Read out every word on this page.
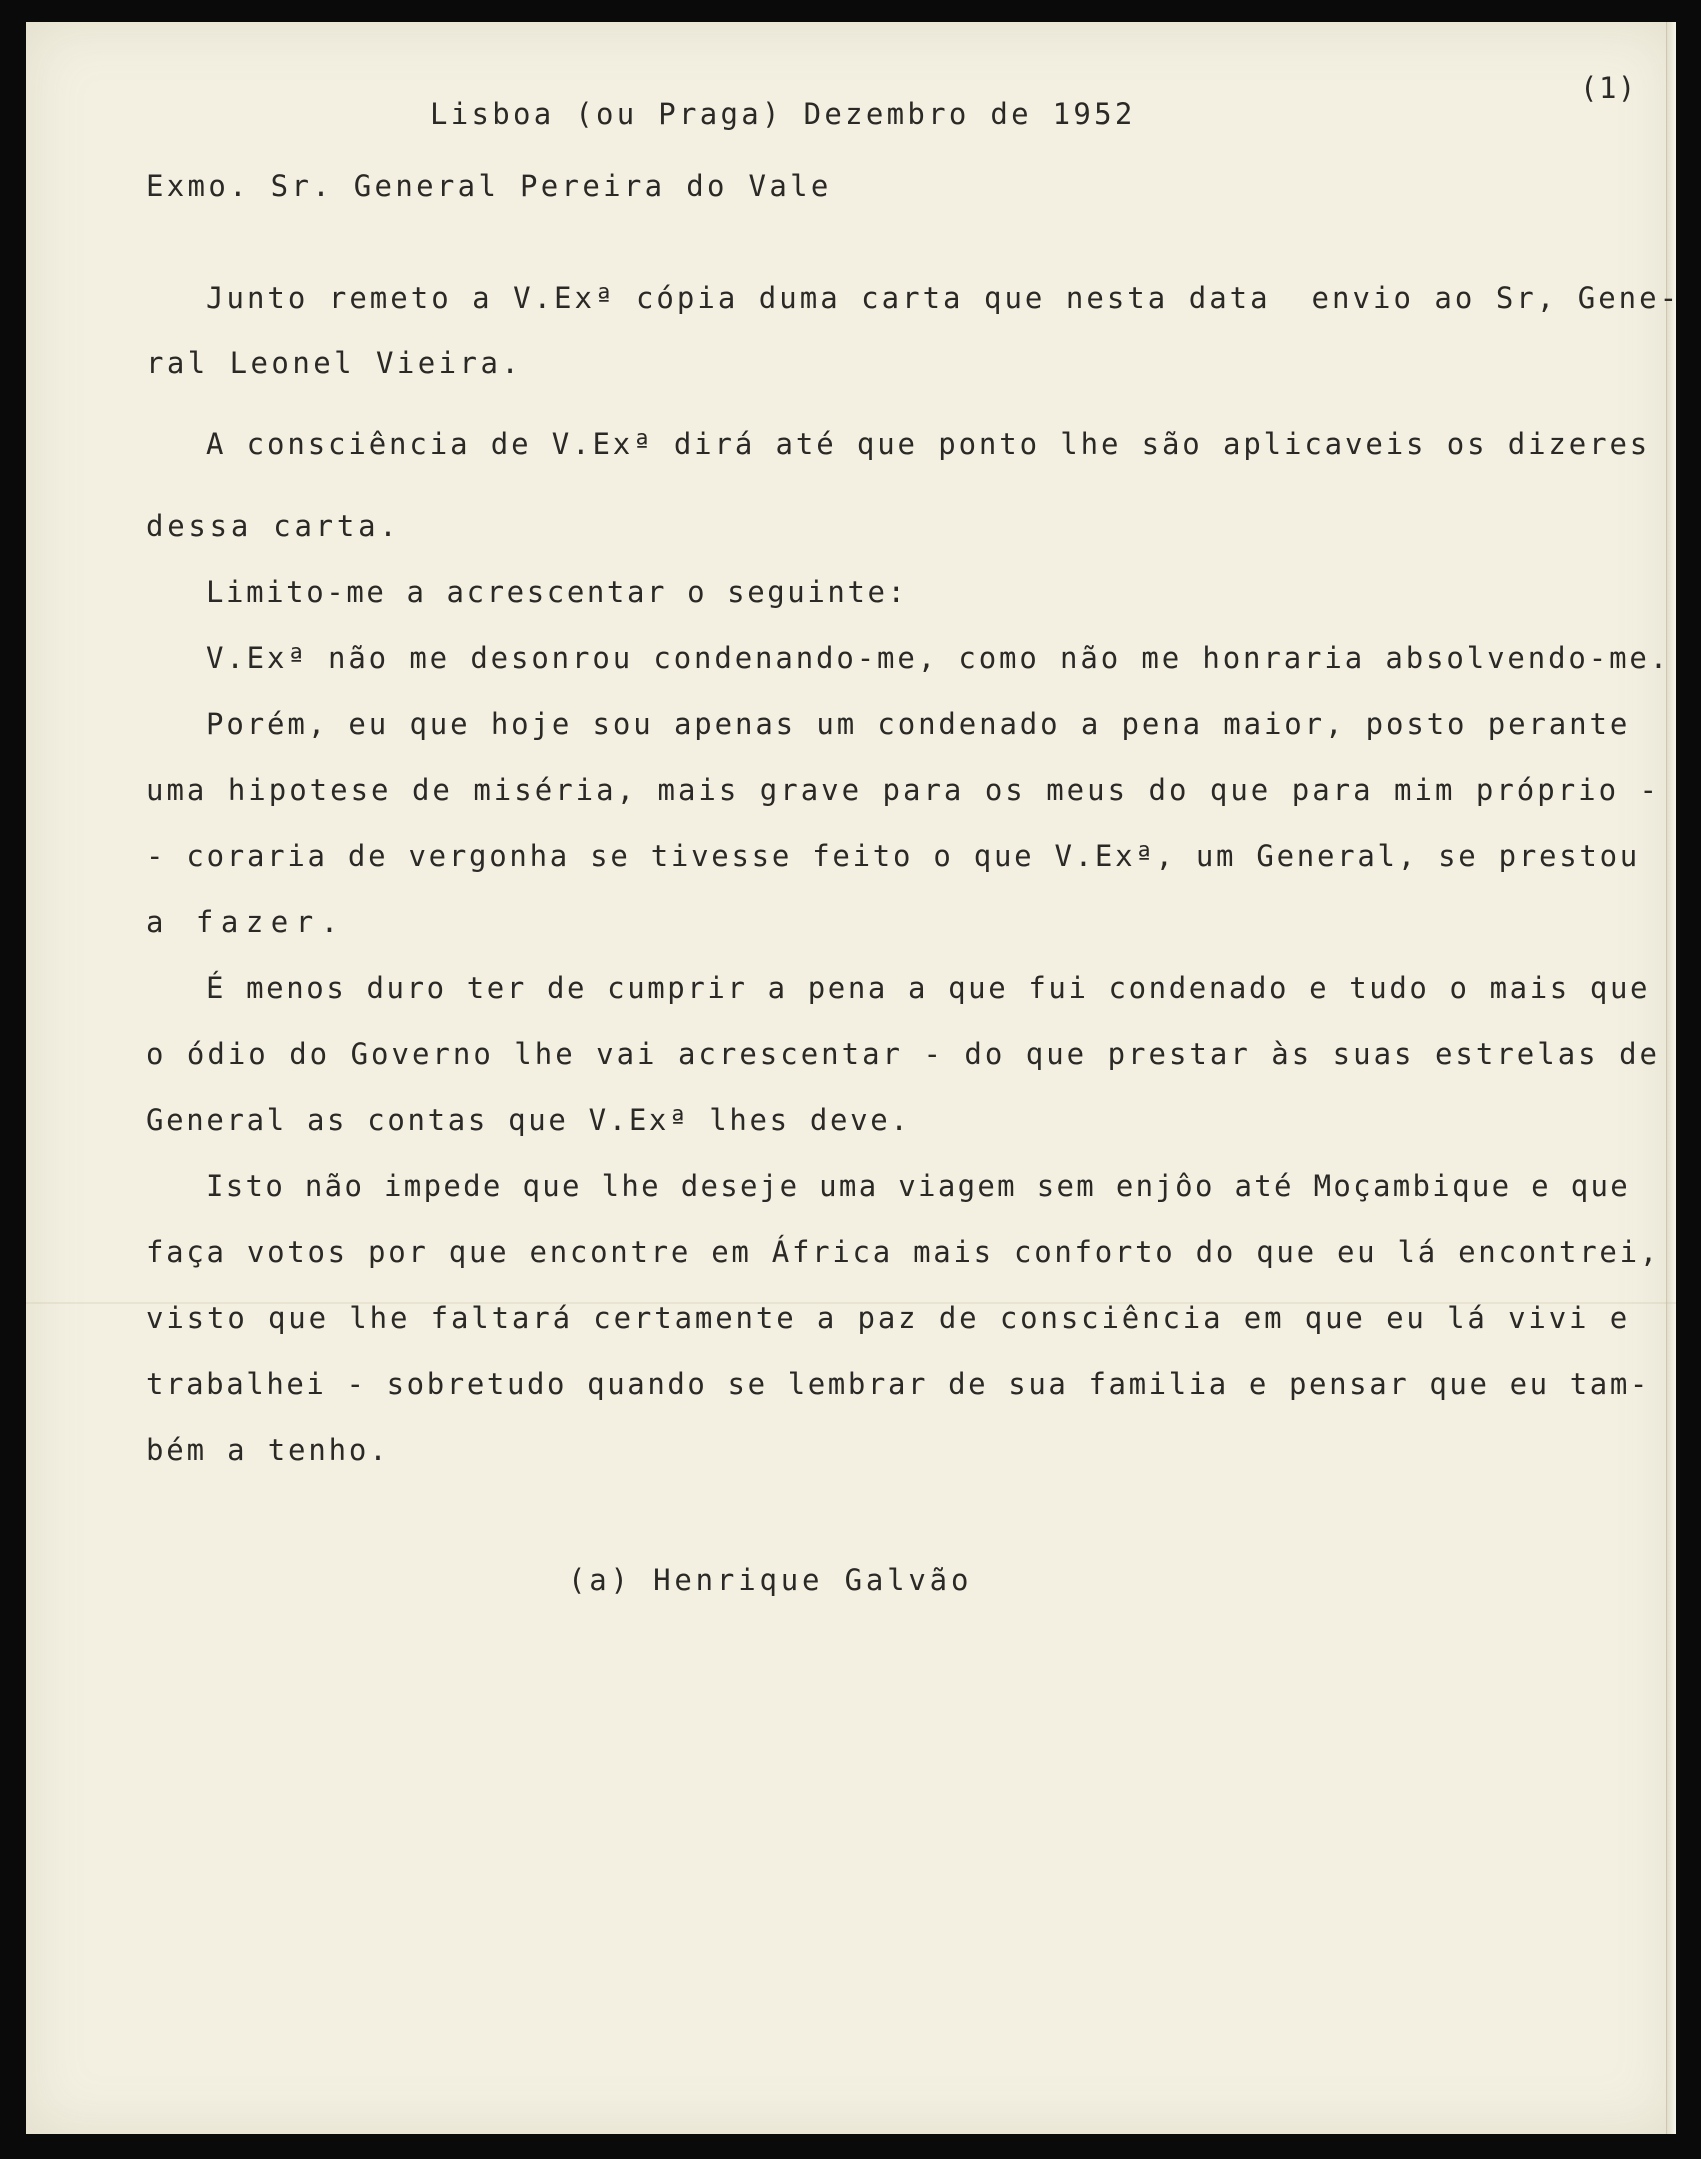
(1)

Lisboa (ou Praga) Dezembro de 1952

Exmo. Sr. General Pereira do Vale

Junto remeto a V.Exª cópia duma carta que nesta data  envio ao Sr, Gene-

ral Leonel Vieira.

A consciência de V.Exª dirá até que ponto lhe são aplicaveis os dizeres

dessa carta.

Limito-me a acrescentar o seguinte:

V.Exª não me desonrou condenando-me, como não me honraria absolvendo-me.

Porém, eu que hoje sou apenas um condenado a pena maior, posto perante

uma hipotese de miséria, mais grave para os meus do que para mim próprio -

- coraria de vergonha se tivesse feito o que V.Exª, um General, se prestou

a fazer.

É menos duro ter de cumprir a pena a que fui condenado e tudo o mais que

o ódio do Governo lhe vai acrescentar - do que prestar às suas estrelas de

General as contas que V.Exª lhes deve.

Isto não impede que lhe deseje uma viagem sem enjôo até Moçambique e que

faça votos por que encontre em África mais conforto do que eu lá encontrei,

visto que lhe faltará certamente a paz de consciência em que eu lá vivi e

trabalhei - sobretudo quando se lembrar de sua familia e pensar que eu tam-

bém a tenho.

(a) Henrique Galvão
